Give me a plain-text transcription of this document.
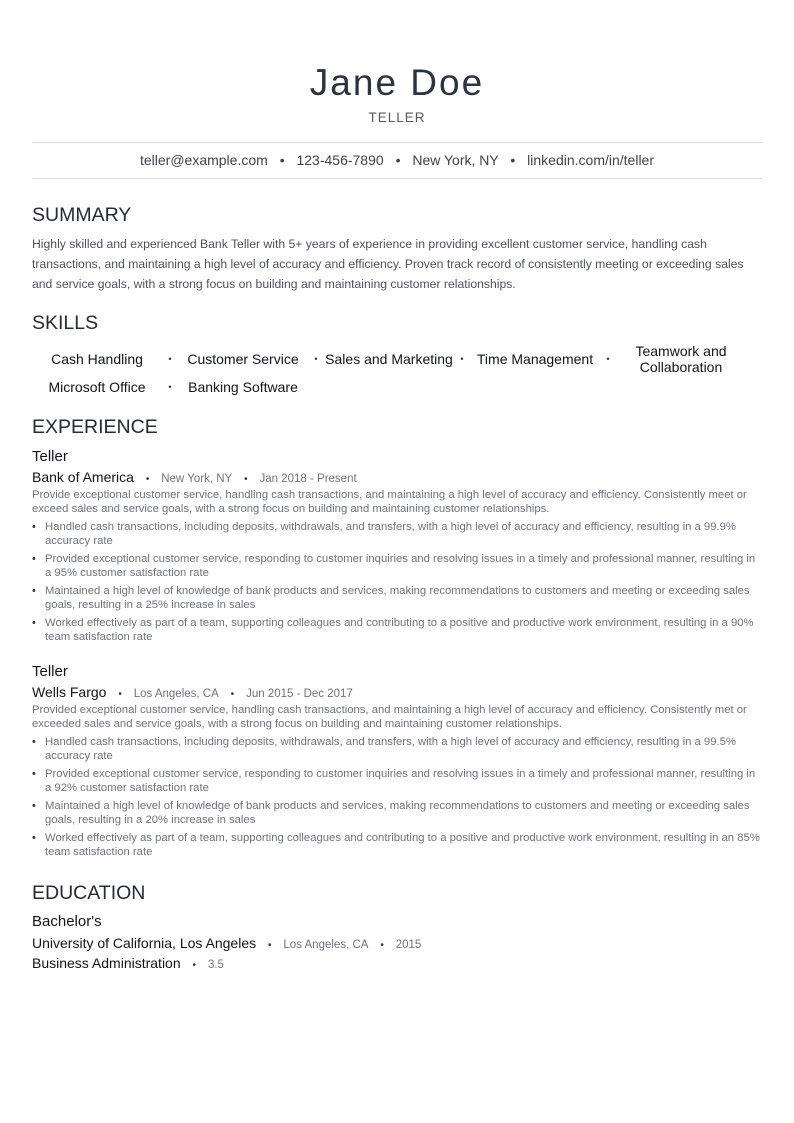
Jane Doe
TELLER
teller@example.com • 123-456-7890 • New York, NY • linkedin.com/in/teller
SUMMARY

Highly skilled and experienced Bank Teller with 5+ years of experience in providing excellent customer service, handling cash transactions, and maintaining a high level of accuracy and efficiency. Proven track record of consistently meeting or exceeding sales and service goals, with a strong focus on building and maintaining customer relationships.

SKILLS
Cash Handling	•	Customer Service	• Sales and Marketing • Time Management	•	Teamwork and Collaboration
Microsoft Office	•	Banking Software
EXPERIENCE
Teller
Bank of America • New York, NY • Jan 2018 - Present
Provide exceptional customer service, handling cash transactions, and maintaining a high level of accuracy and efficiency. Consistently meet or exceed sales and service goals, with a strong focus on building and maintaining customer relationships.
• Handled cash transactions, including deposits, withdrawals, and transfers, with a high level of accuracy and efficiency, resulting in a 99.9% accuracy rate
• Provided exceptional customer service, responding to customer inquiries and resolving issues in a timely and professional manner, resulting in a 95% customer satisfaction rate
• Maintained a high level of knowledge of bank products and services, making recommendations to customers and meeting or exceeding sales goals, resulting in a 25% increase in sales
• Worked effectively as part of a team, supporting colleagues and contributing to a positive and productive work environment, resulting in a 90% team satisfaction rate
Teller
Wells Fargo • Los Angeles, CA • Jun 2015 - Dec 2017
Provided exceptional customer service, handling cash transactions, and maintaining a high level of accuracy and efficiency. Consistently met or exceeded sales and service goals, with a strong focus on building and maintaining customer relationships.
• Handled cash transactions, including deposits, withdrawals, and transfers, with a high level of accuracy and efficiency, resulting in a 99.5% accuracy rate
• Provided exceptional customer service, responding to customer inquiries and resolving issues in a timely and professional manner, resulting in a 92% customer satisfaction rate
• Maintained a high level of knowledge of bank products and services, making recommendations to customers and meeting or exceeding sales goals, resulting in a 20% increase in sales
• Worked effectively as part of a team, supporting colleagues and contributing to a positive and productive work environment, resulting in an 85% team satisfaction rate
EDUCATION
Bachelor's
University of California, Los Angeles • Los Angeles, CA • 2015
Business Administration • 3.5
